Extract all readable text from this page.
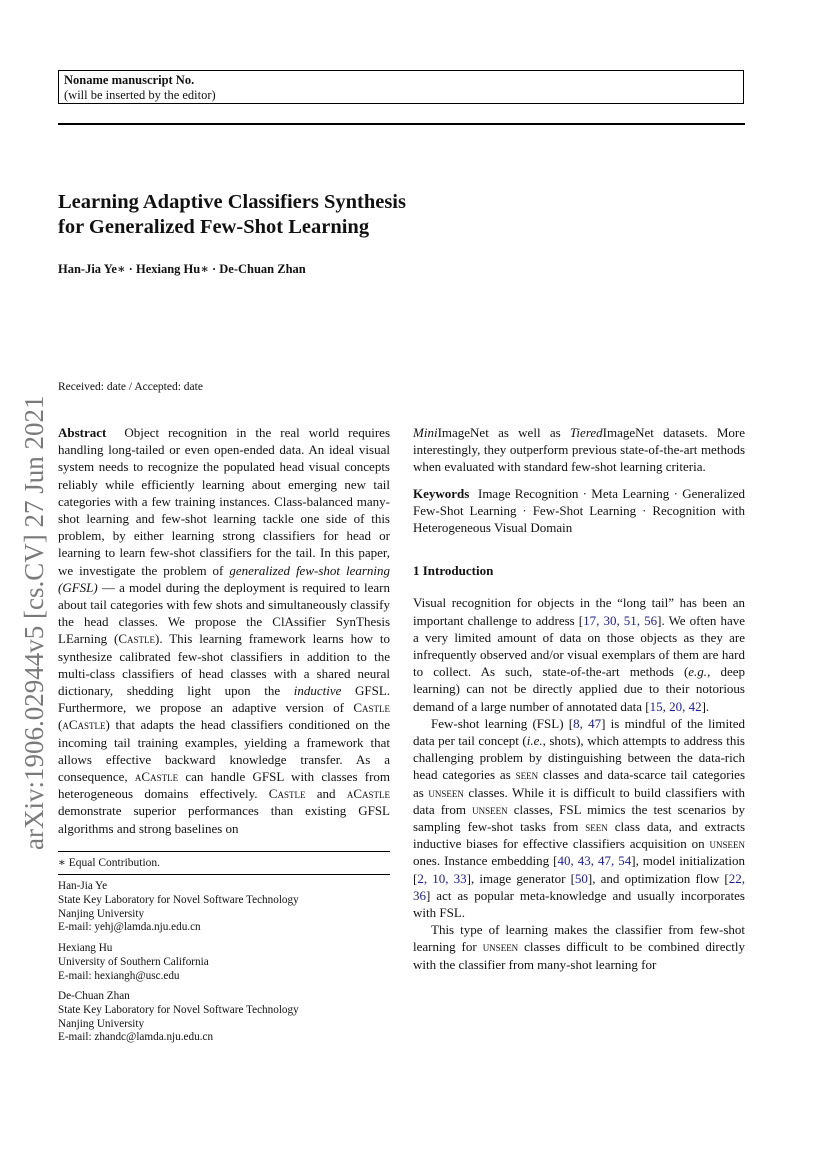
Noname manuscript No.
(will be inserted by the editor)
Learning Adaptive Classifiers Synthesis
for Generalized Few-Shot Learning
Han-Jia Ye∗ · Hexiang Hu∗ · De-Chuan Zhan
arXiv:1906.02944v5 [cs.CV] 27 Jun 2021
Received: date / Accepted: date

Abstract Object recognition in the real world requires handling long-tailed or even open-ended data. An ideal visual system needs to recognize the populated head visual concepts reliably while efficiently learning about emerging new tail categories with a few training instances. Class-balanced many-shot learning and few-shot learning tackle one side of this problem, by either learning strong classifiers for head or learning to learn few-shot classifiers for the tail. In this paper, we investigate the problem of generalized few-shot learning (GFSL) — a model during the deployment is required to learn about tail categories with few shots and simultaneously classify the head classes. We propose the ClAssifier SynThesis LEarning (Castle). This learning framework learns how to synthesize calibrated few-shot classifiers in addition to the multi-class classifiers of head classes with a shared neural dictionary, shedding light upon the inductive GFSL. Furthermore, we propose an adaptive version of Castle (aCastle) that adapts the head classifiers conditioned on the incoming tail training examples, yielding a framework that allows effective backward knowledge transfer. As a consequence, aCastle can handle GFSL with classes from heterogeneous domains effectively. Castle and aCastle demonstrate superior performances than existing GFSL algorithms and strong baselines on

∗ Equal Contribution.
Han-Jia Ye
State Key Laboratory for Novel Software Technology
Nanjing University
E-mail: yehj@lamda.nju.edu.cn
Hexiang Hu
University of Southern California
E-mail: hexiangh@usc.edu
De-Chuan Zhan
State Key Laboratory for Novel Software Technology
Nanjing University
E-mail: zhandc@lamda.nju.edu.cn

MiniImageNet as well as TieredImageNet datasets. More interestingly, they outperform previous state-of-the-art methods when evaluated with standard few-shot learning criteria.

Keywords Image Recognition · Meta Learning · Generalized Few-Shot Learning · Few-Shot Learning · Recognition with Heterogeneous Visual Domain

1 Introduction

Visual recognition for objects in the “long tail” has been an important challenge to address [17, 30, 51, 56]. We often have a very limited amount of data on those objects as they are infrequently observed and/or visual exemplars of them are hard to collect. As such, state-of-the-art methods (e.g., deep learning) can not be directly applied due to their notorious demand of a large number of annotated data [15, 20, 42].

Few-shot learning (FSL) [8, 47] is mindful of the limited data per tail concept (i.e., shots), which attempts to address this challenging problem by distinguishing between the data-rich head categories as seen classes and data-scarce tail categories as unseen classes. While it is difficult to build classifiers with data from unseen classes, FSL mimics the test scenarios by sampling few-shot tasks from seen class data, and extracts inductive biases for effective classifiers acquisition on unseen ones. Instance embedding [40, 43, 47, 54], model initialization [2, 10, 33], image generator [50], and optimization flow [22, 36] act as popular meta-knowledge and usually incorporates with FSL.

This type of learning makes the classifier from few-shot learning for unseen classes difficult to be combined directly with the classifier from many-shot learning for
